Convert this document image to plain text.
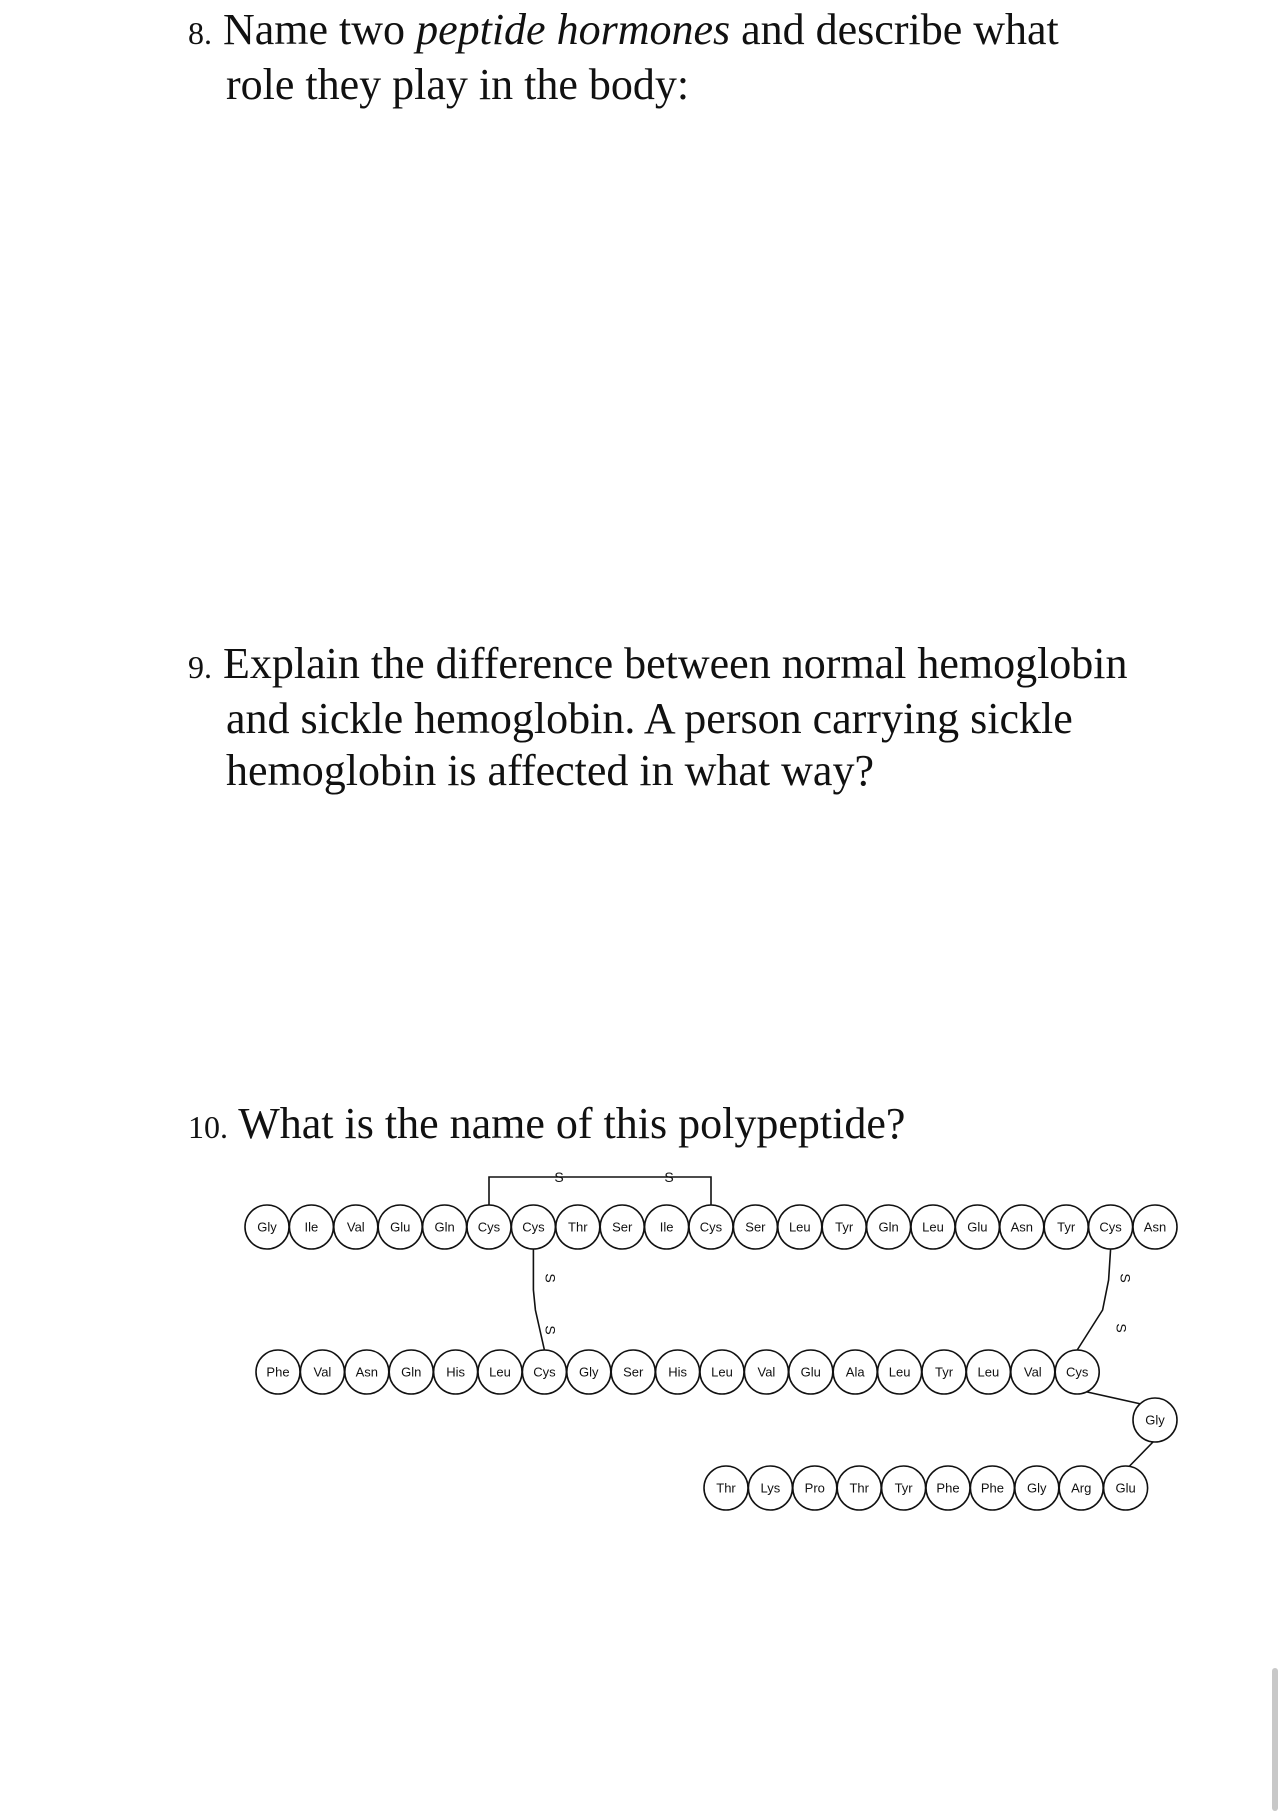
8. Name two peptide hormones and describe what
role they play in the body:
9. Explain the difference between normal hemoglobin
and sickle hemoglobin. A person carrying sickle
hemoglobin is affected in what way?
10. What is the name of this polypeptide?
S	S
S
S
S
S
Gly Ile Val Glu Gln Cys Cys Thr Ser Ile Cys Ser Leu Tyr Gln Leu Glu Asn Tyr Cys Asn
Phe Val Asn Gln His Leu Cys Gly Ser His Leu Val Glu Ala Leu Tyr Leu Val Cys
Gly
Thr Lys Pro Thr Tyr Phe Phe Gly Arg Glu
